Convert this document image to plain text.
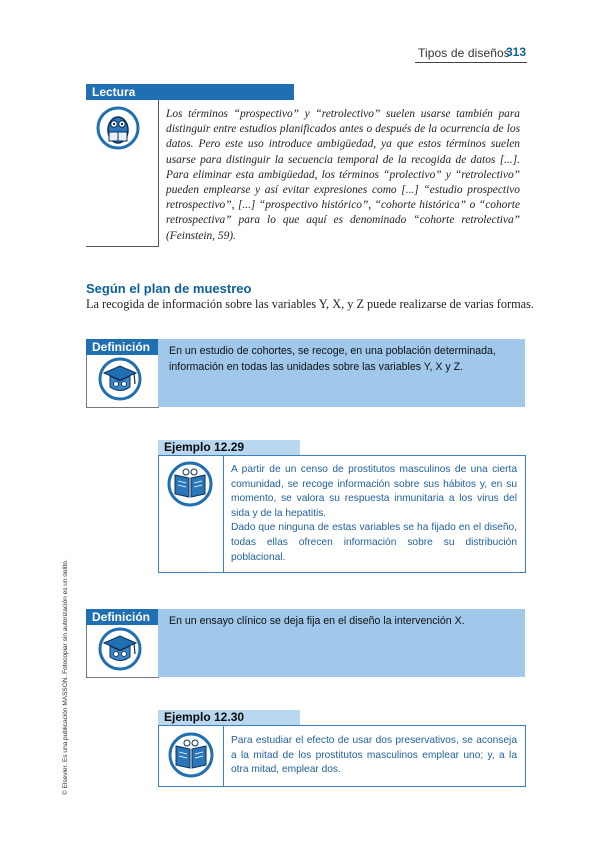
Tipos de diseños
313
Lectura
Los términos “prospectivo” y “retrolectivo” suelen usarse también para distinguir entre estudios planificados antes o después de la ocurrencia de los datos. Pero este uso introduce ambigüedad, ya que estos términos suelen usarse para distinguir la secuencia temporal de la recogida de datos [...]. Para eliminar esta ambigüedad, los términos “prolectivo” y “retrolectivo” pueden emplearse y así evitar expresiones como [...] “estudio prospectivo retrospectivo”, [...] “prospectivo histórico”, “cohorte histórica” o “cohorte retrospectiva” para lo que aquí es denominado “cohorte retrolectiva” (Feinstein, 59).
Según el plan de muestreo
La recogida de información sobre las variables Y, X, y Z puede realizarse de varias formas.
Definición	En un estudio de cohortes, se recoge, en una población determinada, información en todas las unidades sobre las variables Y, X y Z.
Ejemplo 12.29
A partir de un censo de prostitutos masculinos de una cierta comunidad, se recoge información sobre sus hábitos y, en su momento, se valora su respuesta inmunitaria a los virus del sida y de la hepatitis.
Dado que ninguna de estas variables se ha fijado en el diseño, todas ellas ofrecen información sobre su distribución poblacional.
Definición	En un ensayo clínico se deja fija en el diseño la intervención X.
Ejemplo 12.30
Para estudiar el efecto de usar dos preservativos, se aconseja a la mitad de los prostitutos masculinos emplear uno; y, a la otra mitad, emplear dos.
© Elsevier. Es una publicación MASSON. Fotocopiar sin autorización es un delito.
